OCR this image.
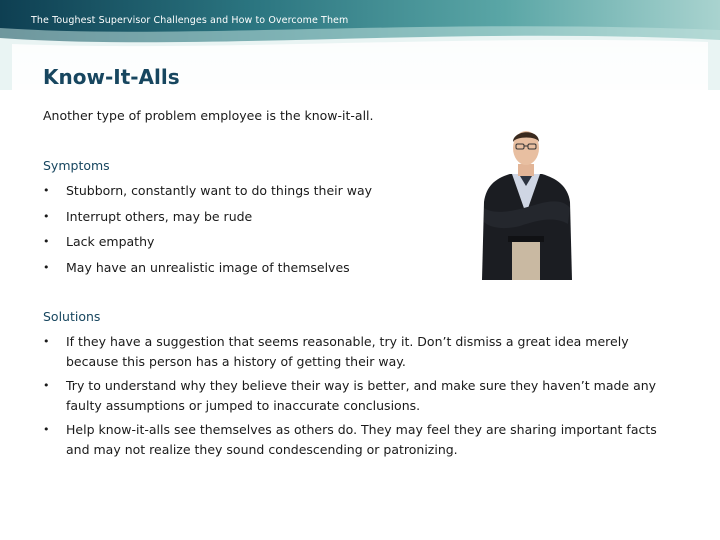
The Toughest Supervisor Challenges and How to Overcome Them
Know-It-Alls
Another type of problem employee is the know-it-all.
Symptoms
• Stubborn, constantly want to do things their way
• Interrupt others, may be rude
• Lack empathy
• May have an unrealistic image of themselves
Solutions
• If they have a suggestion that seems reasonable, try it. Don’t dismiss a great idea merely because this person has a history of getting their way.
• Try to understand why they believe their way is better, and make sure they haven’t made any faulty assumptions or jumped to inaccurate conclusions.
• Help know-it-alls see themselves as others do. They may feel they are sharing important facts and may not realize they sound condescending or patronizing.
